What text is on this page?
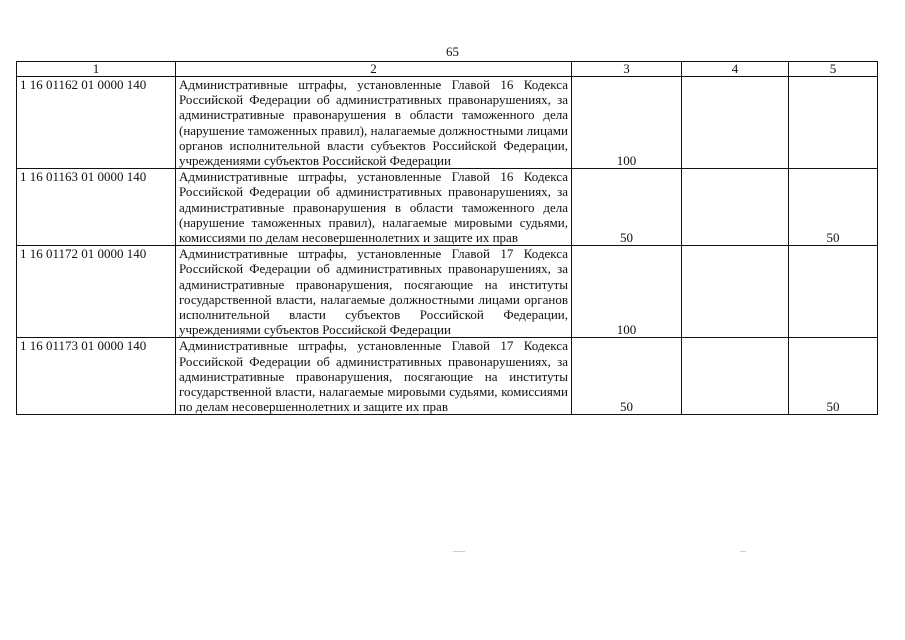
65
1	2	3	4	5
1 16 01162 01 0000 140	Административные штрафы, установленные Главой 16 Кодекса Российской Федерации об административных правонарушениях, за административные правонарушения в области таможенного дела (нарушение таможенных правил), налагаемые должностными лицами органов исполнительной власти субъектов Российской Федерации, учреждениями субъектов Российской Федерации	100		
1 16 01163 01 0000 140	Административные штрафы, установленные Главой 16 Кодекса Российской Федерации об административных правонарушениях, за административные правонарушения в области таможенного дела (нарушение таможенных правил), налагаемые мировыми судьями, комиссиями по делам несовершеннолетних и защите их прав	50		50
1 16 01172 01 0000 140	Административные штрафы, установленные Главой 17 Кодекса Российской Федерации об административных правонарушениях, за административные правонарушения, посягающие на институты государственной власти, налагаемые должностными лицами органов исполнительной власти субъектов Российской Федерации, учреждениями субъектов Российской Федерации	100		
1 16 01173 01 0000 140	Административные штрафы, установленные Главой 17 Кодекса Российской Федерации об административных правонарушениях, за административные правонарушения, посягающие на институты государственной власти, налагаемые мировыми судьями, комиссиями по делам несовершеннолетних и защите их прав	50		50
